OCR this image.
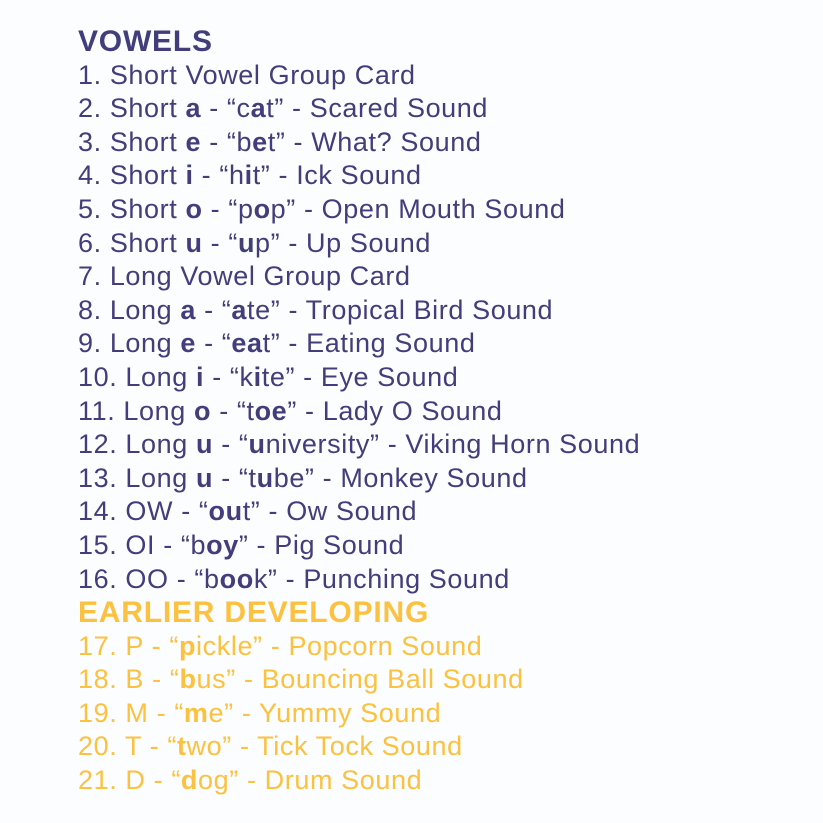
VOWELS

1. Short Vowel Group Card

2. Short a - “cat” - Scared Sound

3. Short e - “bet” - What? Sound

4. Short i - “hit” - Ick Sound

5. Short o - “pop” - Open Mouth Sound

6. Short u - “up” - Up Sound

7. Long Vowel Group Card

8. Long a - “ate” - Tropical Bird Sound

9. Long e - “eat” - Eating Sound

10. Long i - “kite” - Eye Sound

11. Long o - “toe” - Lady O Sound

12. Long u - “university” - Viking Horn Sound

13. Long u - “tube” - Monkey Sound

14. OW - “out” - Ow Sound

15. OI - “boy” - Pig Sound

16. OO - “book” - Punching Sound

EARLIER DEVELOPING

17. P - “pickle” - Popcorn Sound

18. B - “bus” - Bouncing Ball Sound

19. M - “me” - Yummy Sound

20. T - “two” - Tick Tock Sound

21. D - “dog” - Drum Sound
